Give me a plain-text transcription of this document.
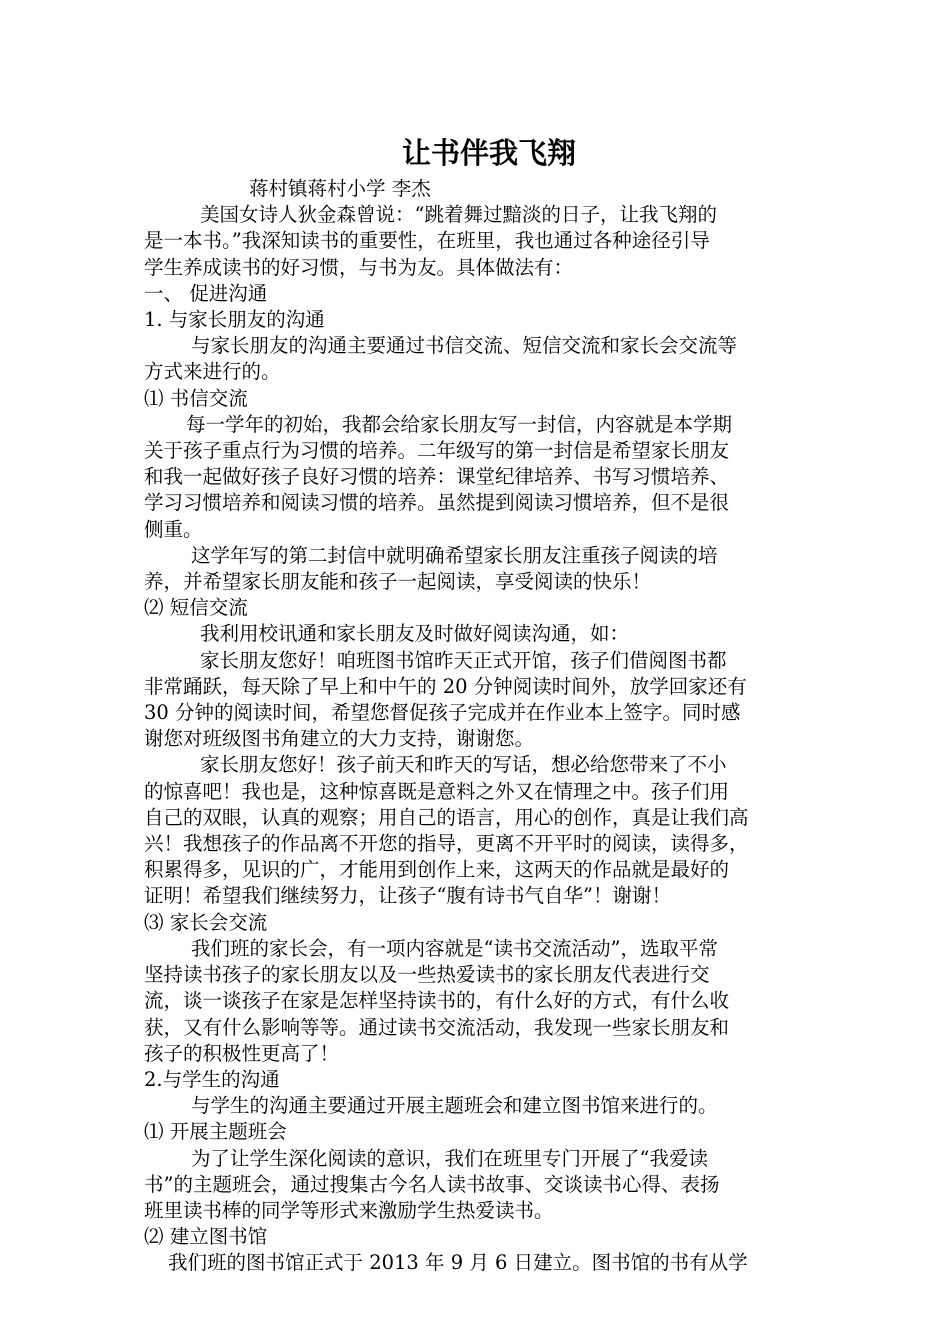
让书伴我飞翔

蒋村镇蒋村小学 李杰

美国女诗人狄金森曾说：“跳着舞过黯淡的日子，让我飞翔的

是一本书。”我深知读书的重要性，在班里，我也通过各种途径引导

学生养成读书的好习惯，与书为友。具体做法有：

一、 促进沟通

1. 与家长朋友的沟通

与家长朋友的沟通主要通过书信交流、短信交流和家长会交流等

方式来进行的。

⑴ 书信交流

每一学年的初始，我都会给家长朋友写一封信，内容就是本学期

关于孩子重点行为习惯的培养。二年级写的第一封信是希望家长朋友

和我一起做好孩子良好习惯的培养：课堂纪律培养、书写习惯培养、

学习习惯培养和阅读习惯的培养。虽然提到阅读习惯培养，但不是很

侧重。

这学年写的第二封信中就明确希望家长朋友注重孩子阅读的培

养，并希望家长朋友能和孩子一起阅读，享受阅读的快乐！

⑵ 短信交流

我利用校讯通和家长朋友及时做好阅读沟通，如：

家长朋友您好！咱班图书馆昨天正式开馆，孩子们借阅图书都

非常踊跃，每天除了早上和中午的 20 分钟阅读时间外，放学回家还有

30 分钟的阅读时间，希望您督促孩子完成并在作业本上签字。同时感

谢您对班级图书角建立的大力支持，谢谢您。

家长朋友您好！孩子前天和昨天的写话，想必给您带来了不小

的惊喜吧！我也是，这种惊喜既是意料之外又在情理之中。孩子们用

自己的双眼，认真的观察；用自己的语言，用心的创作，真是让我们高

兴！我想孩子的作品离不开您的指导，更离不开平时的阅读，读得多，

积累得多，见识的广，才能用到创作上来，这两天的作品就是最好的

证明！希望我们继续努力，让孩子“腹有诗书气自华”！谢谢！

⑶ 家长会交流

我们班的家长会，有一项内容就是“读书交流活动”，选取平常

坚持读书孩子的家长朋友以及一些热爱读书的家长朋友代表进行交

流，谈一谈孩子在家是怎样坚持读书的，有什么好的方式，有什么收

获，又有什么影响等等。通过读书交流活动，我发现一些家长朋友和

孩子的积极性更高了！

2.与学生的沟通

与学生的沟通主要通过开展主题班会和建立图书馆来进行的。

⑴ 开展主题班会

为了让学生深化阅读的意识，我们在班里专门开展了“我爱读

书”的主题班会，通过搜集古今名人读书故事、交谈读书心得、表扬

班里读书棒的同学等形式来激励学生热爱读书。

⑵ 建立图书馆

我们班的图书馆正式于 2013 年 9 月 6 日建立。图书馆的书有从学
